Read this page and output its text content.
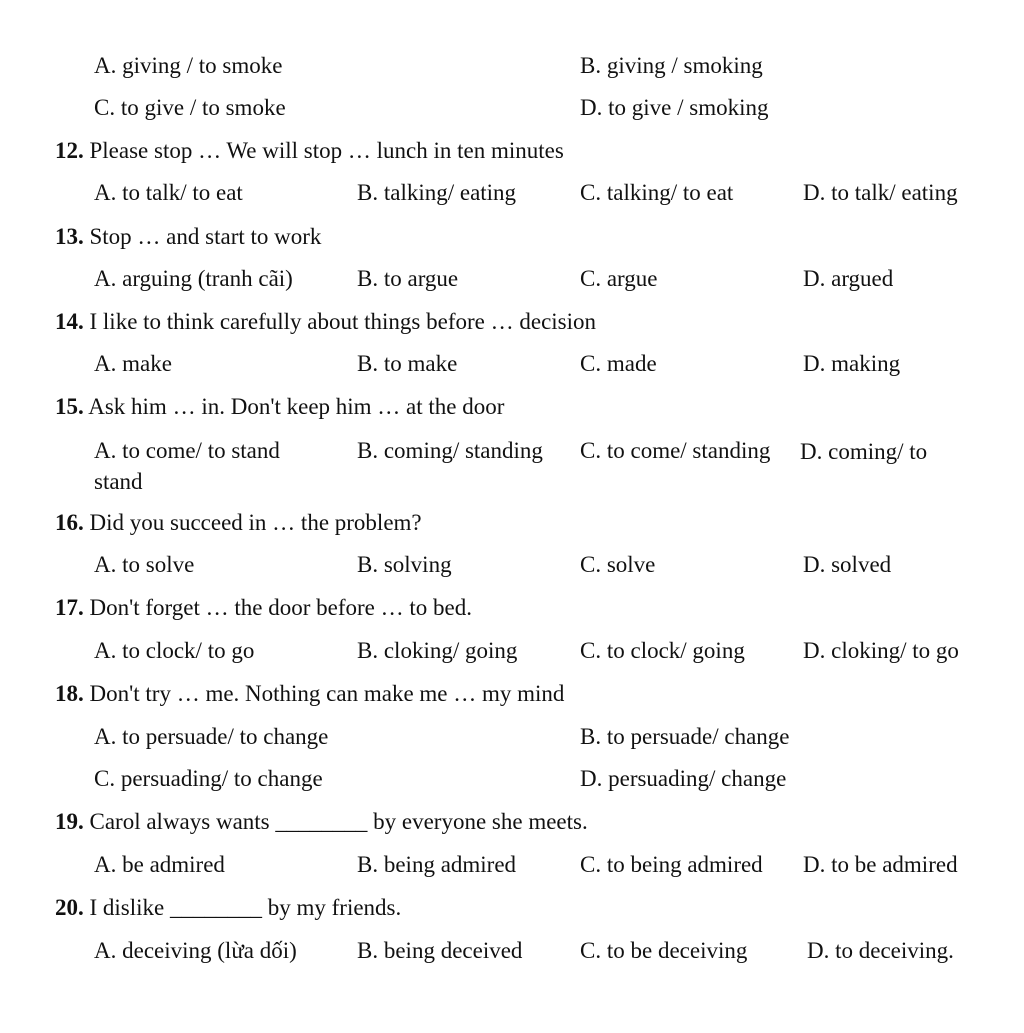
A. giving / to smoke	B. giving / smoking
C. to give / to smoke	D. to give / smoking
12. Please stop … We will stop … lunch in ten minutes
A. to talk/ to eat	B. talking/ eating	C. talking/ to eat	D. to talk/ eating
13. Stop … and start to work
A. arguing (tranh cãi)	B. to argue	C. argue	D. argued
14. I like to think carefully about things before … decision
A. make	B. to make	C. made	D. making
15. Ask him … in. Don't keep him … at the door
A. to come/ to stand	B. coming/ standing C. to come/ standing	D. coming/ to stand
16. Did you succeed in … the problem?
A. to solve	B. solving	C. solve	D. solved
17. Don't forget … the door before … to bed.
A. to clock/ to go	B. cloking/ going	C. to clock/ going	D. cloking/ to go
18. Don't try … me. Nothing can make me … my mind
A. to persuade/ to change	B. to persuade/ change
C. persuading/ to change	D. persuading/ change
19. Carol always wants ________ by everyone she meets.
A. be admired	B. being admired	C. to being admired D. to be admired
20. I dislike ________ by my friends.
A. deceiving (lừa dối)	B. being deceived	C. to be deceiving	D. to deceiving.
